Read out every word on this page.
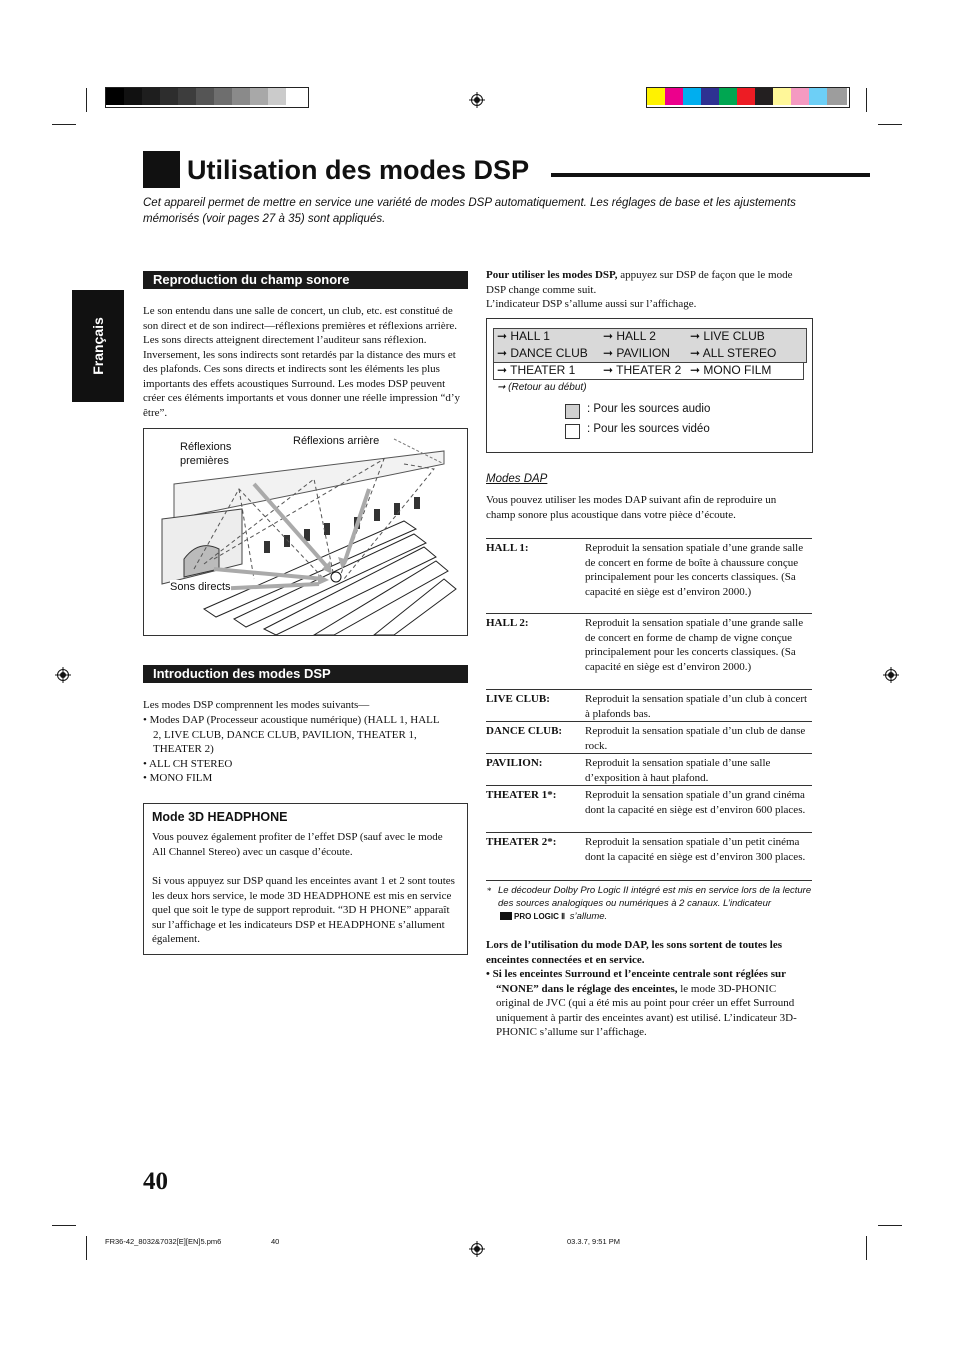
Utilisation des modes DSP
Cet appareil permet de mettre en service une variété de modes DSP automatiquement. Les réglages de base et les ajustements mémorisés (voir pages 27 à 35) sont appliqués.
Français
Reproduction du champ sonore
Le son entendu dans une salle de concert, un club, etc. est constitué de son direct et de son indirect—réflexions premières et réflexions arrière. Les sons directs atteignent directement l’auditeur sans réflexion. Inversement, les sons indirects sont retardés par la distance des murs et des plafonds. Ces sons directs et indirects sont les éléments les plus importants des effets acoustiques Surround. Les modes DSP peuvent créer ces éléments importants et vous donner une réelle impression “d’y être”.
Réflexions
premières
Réflexions arrière
Sons directs
Introduction des modes DSP
Les modes DSP comprennent les modes suivants—
• Modes DAP (Processeur acoustique numérique) (HALL 1, HALL 2, LIVE CLUB, DANCE CLUB, PAVILION, THEATER 1, THEATER 2)
• ALL CH STEREO
• MONO FILM
Mode 3D HEADPHONE
Vous pouvez également profiter de l’effet DSP (sauf avec le mode All Channel Stereo) avec un casque d’écoute.
Si vous appuyez sur DSP quand les enceintes avant 1 et 2 sont toutes les deux hors service, le mode 3D HEADPHONE est mis en service quel que soit le type de support reproduit. “3D H PHONE” apparaît sur l’affichage et les indicateurs DSP et HEADPHONE s’allument également.
Pour utiliser les modes DSP, appuyez sur DSP de façon que le mode DSP change comme suit.
L’indicateur DSP s’allume aussi sur l’affichage.
➞ HALL 1	➞ HALL 2	➞ LIVE CLUB
➞ DANCE CLUB ➞ PAVILION ➞ ALL STEREO
➞ THEATER 1 ➞ THEATER 2 ➞ MONO FILM
➞ (Retour au début)
: Pour les sources audio
: Pour les sources vidéo
Modes DAP
Vous pouvez utiliser les modes DAP suivant afin de reproduire un champ sonore plus acoustique dans votre pièce d’écoute.
HALL 1:	Reproduit la sensation spatiale d’une grande salle de concert en forme de boîte à chaussure conçue principalement pour les concerts classiques. (Sa capacité en siège est d’environ 2000.)
HALL 2:	Reproduit la sensation spatiale d’une grande salle de concert en forme de champ de vigne conçue principalement pour les concerts classiques. (Sa capacité en siège est d’environ 2000.)
LIVE CLUB:	Reproduit la sensation spatiale d’un club à concert à plafonds bas.
DANCE CLUB: Reproduit la sensation spatiale d’un club de danse rock.
PAVILION:	Reproduit la sensation spatiale d’une salle d’exposition à haut plafond.
THEATER 1*:	Reproduit la sensation spatiale d’un grand cinéma dont la capacité en siège est d’environ 600 places.
THEATER 2*:	Reproduit la sensation spatiale d’un petit cinéma dont la capacité en siège est d’environ 300 places.
* Le décodeur Dolby Pro Logic II intégré est mis en service lors de la lecture des sources analogiques ou numériques à 2 canaux. L’indicateur PRO LOGIC Ⅱ s’allume.
Lors de l’utilisation du mode DAP, les sons sortent de toutes les enceintes connectées et en service.
• Si les enceintes Surround et l’enceinte centrale sont réglées sur “NONE” dans le réglage des enceintes, le mode 3D-PHONIC original de JVC (qui a été mis au point pour créer un effet Surround uniquement à partir des enceintes avant) est utilisé. L’indicateur 3D-PHONIC s’allume sur l’affichage.
40
FR36-42_8032&7032[E][EN]5.pm6	40	03.3.7, 9:51 PM
